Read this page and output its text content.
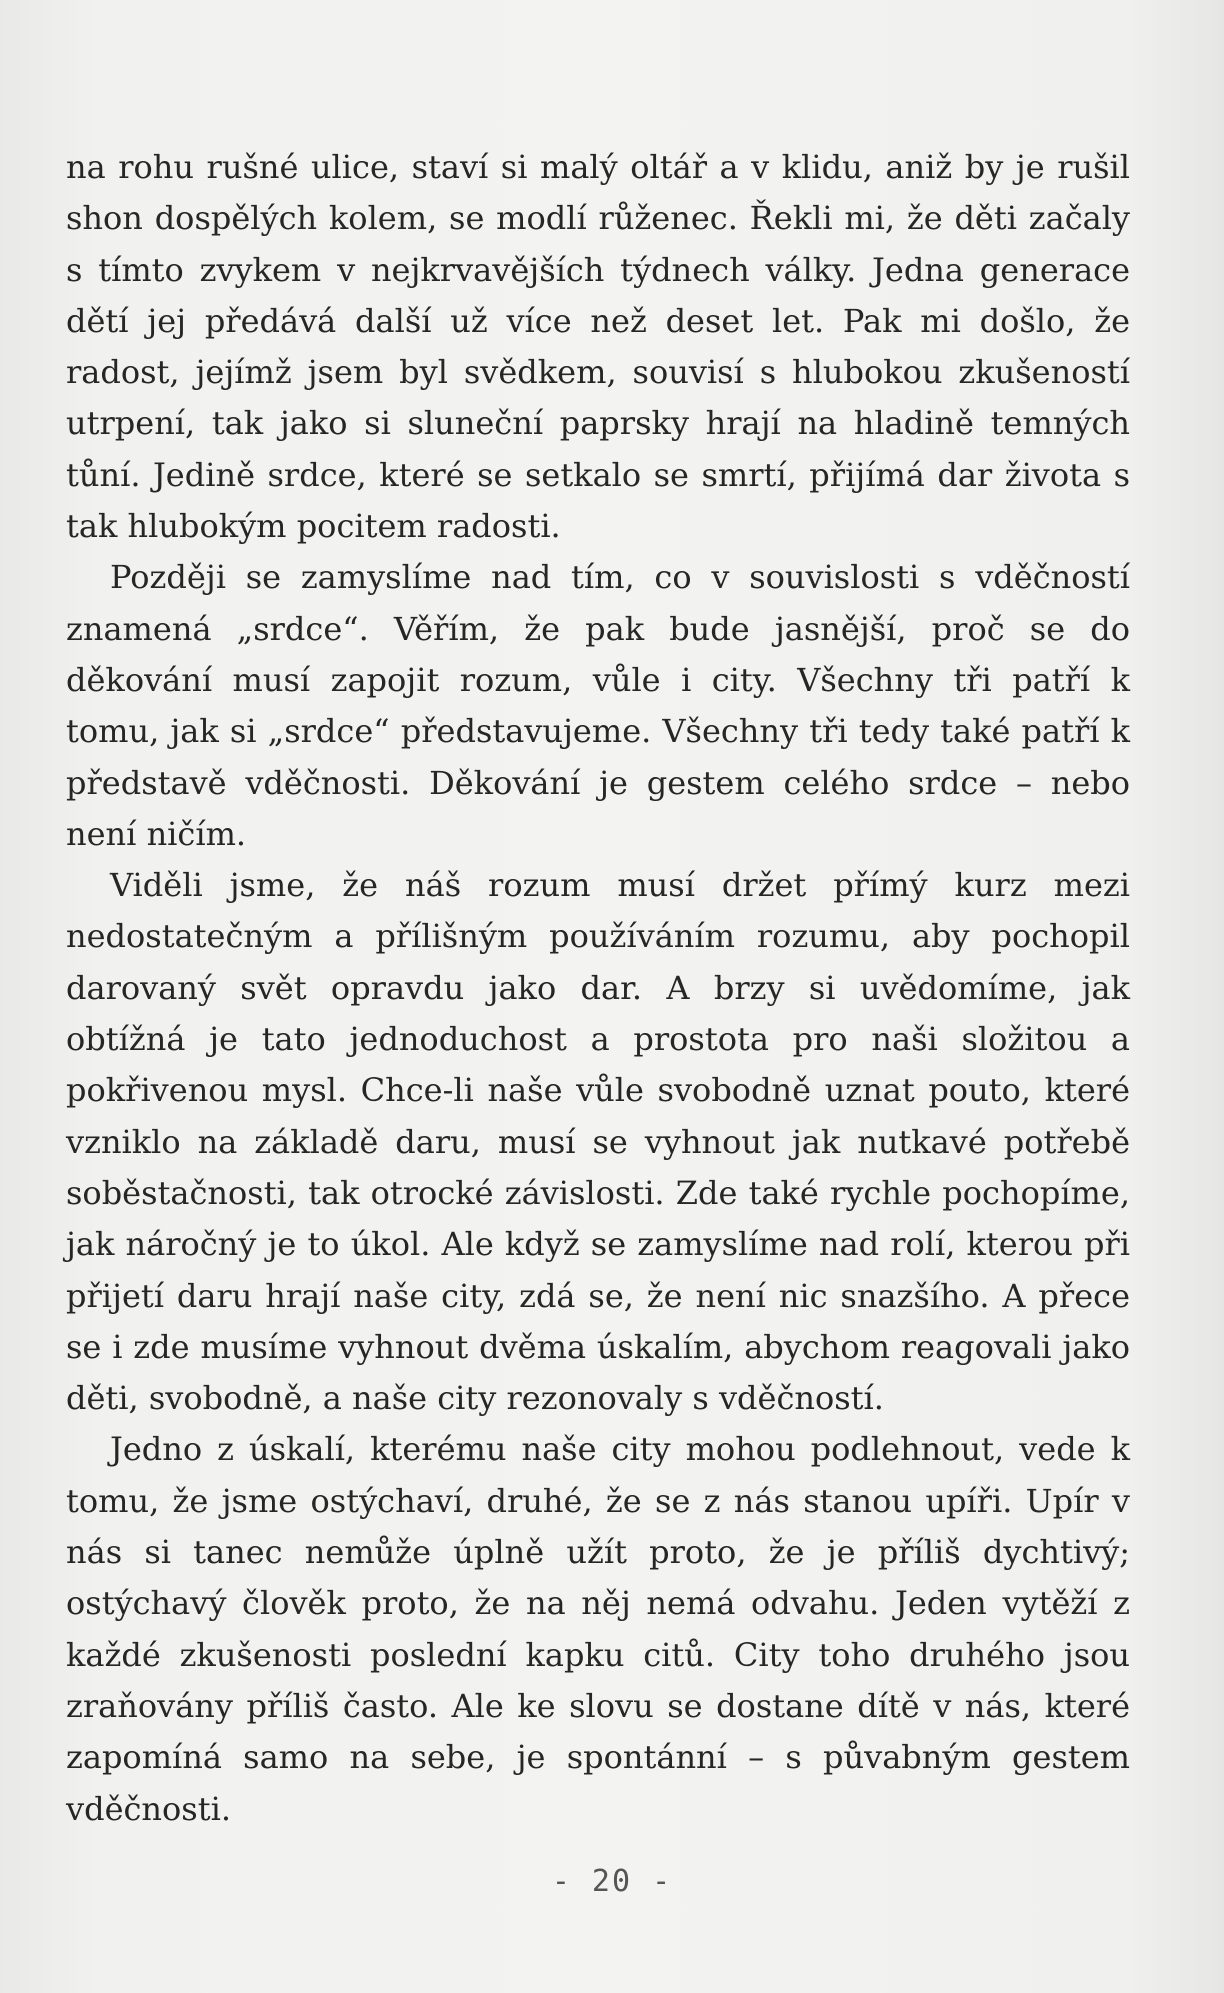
na rohu rušné ulice, staví si malý oltář a v klidu, aniž by je rušil shon dospělých kolem, se modlí růženec. Řekli mi, že děti začaly s tímto zvykem v nejkrvavějších týdnech války. Jedna generace dětí jej předává další už více než deset let. Pak mi došlo, že radost, jejímž jsem byl svědkem, souvisí s hlubokou zkušeností utrpení, tak jako si sluneční paprsky hrají na hladině temných tůní. Jedině srdce, které se setkalo se smrtí, přijímá dar života s tak hlubokým pocitem radosti.

Později se zamyslíme nad tím, co v souvislosti s vděčností znamená „srdce“. Věřím, že pak bude jasnější, proč se do děkování musí zapojit rozum, vůle i city. Všechny tři patří k tomu, jak si „srdce“ představujeme. Všechny tři tedy také patří k představě vděčnosti. Děkování je gestem celého srdce – nebo není ničím.

Viděli jsme, že náš rozum musí držet přímý kurz mezi nedostatečným a přílišným používáním rozumu, aby pochopil darovaný svět opravdu jako dar. A brzy si uvědomíme, jak obtížná je tato jednoduchost a prostota pro naši složitou a pokřivenou mysl. Chce-li naše vůle svobodně uznat pouto, které vzniklo na základě daru, musí se vyhnout jak nutkavé potřebě soběstačnosti, tak otrocké závislosti. Zde také rychle pochopíme, jak náročný je to úkol. Ale když se zamyslíme nad rolí, kterou při přijetí daru hrají naše city, zdá se, že není nic snazšího. A přece se i zde musíme vyhnout dvěma úskalím, abychom reagovali jako děti, svobodně, a naše city rezonovaly s vděčností.

Jedno z úskalí, kterému naše city mohou podlehnout, vede k tomu, že jsme ostýchaví, druhé, že se z nás stanou upíři. Upír v nás si tanec nemůže úplně užít proto, že je příliš dychtivý; ostýchavý člověk proto, že na něj nemá odvahu. Jeden vytěží z každé zkušenosti poslední kapku citů. City toho druhého jsou zraňovány příliš často. Ale ke slovu se dostane dítě v nás, které zapomíná samo na sebe, je spontánní – s půvabným gestem vděčnosti.

- 20 -
